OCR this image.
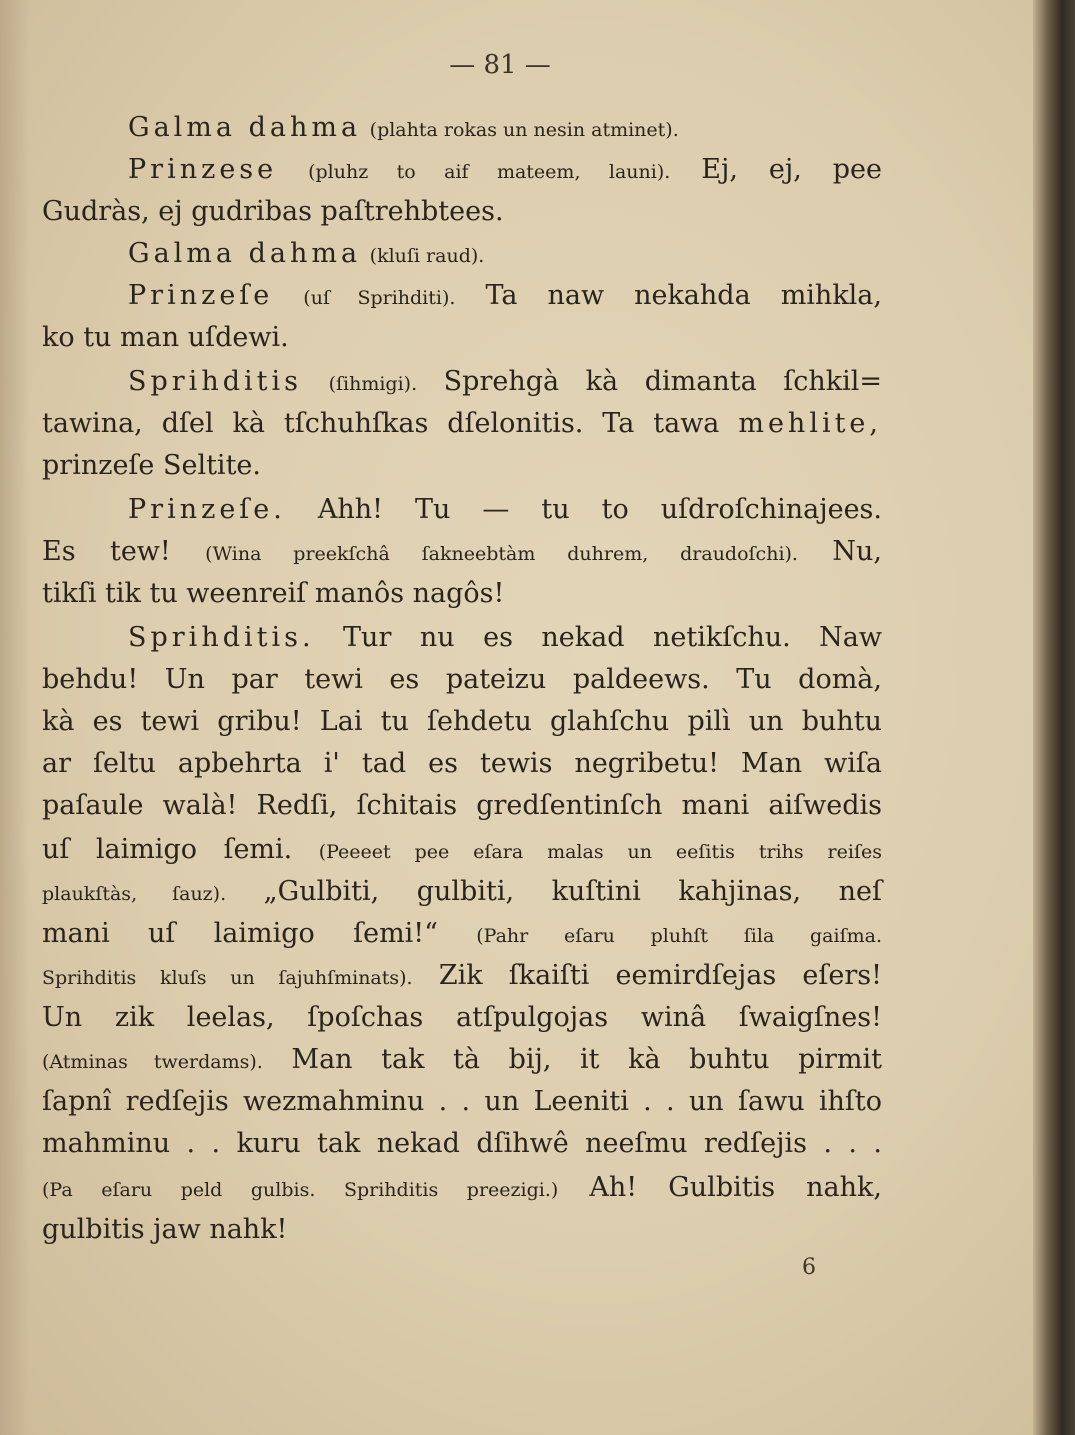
— 81 —
Galma dahma (plahta rokas un nesin atminet).
Prinzese (pluhz to aif mateem, launi). Ej, ej, pee
Gudràs, ej gudribas paſtrehbtees.
Galma dahma (kluſi raud).
Prinzeſe (uſ Sprihditi). Ta naw nekahda mihkla,
ko tu man uſdewi.
Sprihditis (ſihmigi). Sprehgà kà dimanta ſchkil=
tawina, dſel kà tſchuhſkas dſelonitis. Ta tawa mehlite,
prinzeſe Seltite.
Prinzeſe. Ahh! Tu — tu to uſdroſchinajees.
Es tew! (Wina preekſchâ ſakneebtàm duhrem, draudoſchi). Nu,
tikſi tik tu weenreiſ manôs nagôs!
Sprihditis. Tur nu es nekad netikſchu. Naw
behdu! Un par tewi es pateizu paldeews. Tu domà,
kà es tewi gribu! Lai tu ſehdetu glahſchu pilì un buhtu
ar ſeltu apbehrta i' tad es tewis negribetu! Man wiſa
paſaule walà! Redſi, ſchitais gredſentinſch mani aiſwedis
uſ laimigo ſemi. (Peeeet pee eſara malas un eeſitis trihs reiſes
plaukſtàs, ſauz). „Gulbiti, gulbiti, kuſtini kahjinas, neſ
mani uſ laimigo ſemi!“ (Pahr eſaru pluhſt ſila gaiſma.
Sprihditis kluſs un ſajuhſminats). Zik ſkaiſti eemirdſejas eſers!
Un zik leelas, ſpoſchas atſpulgojas winâ ſwaigſnes!
(Atminas twerdams). Man tak tà bij, it kà buhtu pirmit
ſapnî redſejis wezmahminu . . un Leeniti . . un ſawu ihſto
mahminu . . kuru tak nekad dſihwê neeſmu redſejis . . .
(Pa eſaru peld gulbis. Sprihditis preezigi.) Ah! Gulbitis nahk,
gulbitis jaw nahk!
6
